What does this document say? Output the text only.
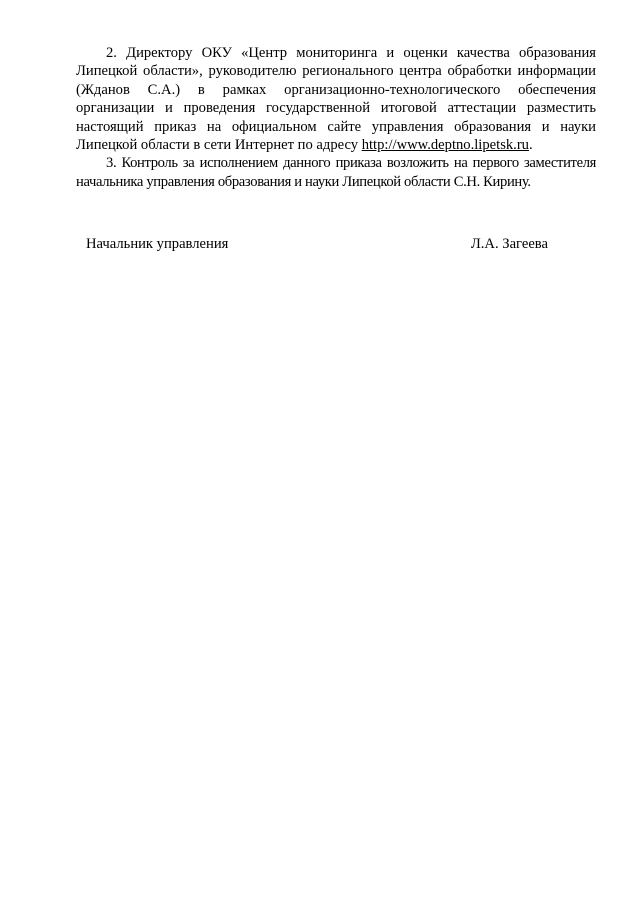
2. Директору ОКУ «Центр мониторинга и оценки качества образования Липецкой области», руководителю регионального центра обработки информации (Жданов С.А.) в рамках организационно-технологического обеспечения организации и проведения государственной итоговой аттестации разместить настоящий приказ на официальном сайте управления образования и науки Липецкой области в сети Интернет по адресу http://www.deptno.lipetsk.ru.

3. Контроль за исполнением данного приказа возложить на первого заместителя начальника управления образования и науки Липецкой области С.Н. Кирину.

Начальник управления	Л.А. Загеева
